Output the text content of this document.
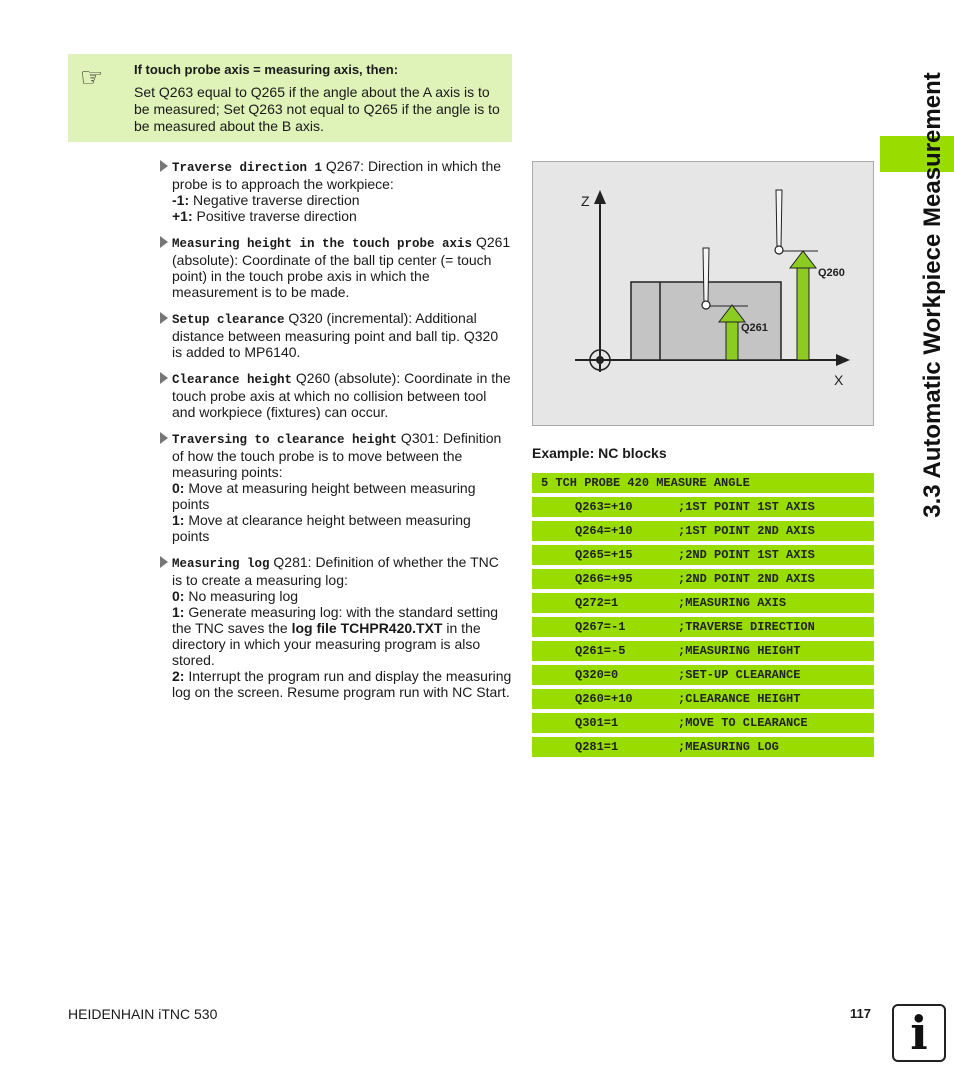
☞ If touch probe axis = measuring axis, then:
Set Q263 equal to Q265 if the angle about the A axis is to be measured; Set Q263 not equal to Q265 if the angle is to be measured about the B axis.
Traverse direction 1 Q267: Direction in which the probe is to approach the workpiece:
-1: Negative traverse direction
+1: Positive traverse direction
Measuring height in the touch probe axis Q261 (absolute): Coordinate of the ball tip center (= touch point) in the touch probe axis in which the measurement is to be made.
Setup clearance Q320 (incremental): Additional distance between measuring point and ball tip. Q320 is added to MP6140.
Clearance height Q260 (absolute): Coordinate in the touch probe axis at which no collision between tool and workpiece (fixtures) can occur.
Traversing to clearance height Q301: Definition of how the touch probe is to move between the measuring points:
0: Move at measuring height between measuring points
1: Move at clearance height between measuring points
Measuring log Q281: Definition of whether the TNC is to create a measuring log:
0: No measuring log
1: Generate measuring log: with the standard setting the TNC saves the log file TCHPR420.TXT in the directory in which your measuring program is also stored.
2: Interrupt the program run and display the measuring log on the screen. Resume program run with NC Start.
Z
X
Q261
Q260
Example: NC blocks
5 TCH PROBE 420 MEASURE ANGLE
Q263=+10	;1ST POINT 1ST AXIS
Q264=+10	;1ST POINT 2ND AXIS
Q265=+15	;2ND POINT 1ST AXIS
Q266=+95	;2ND POINT 2ND AXIS
Q272=1	;MEASURING AXIS
Q267=-1	;TRAVERSE DIRECTION
Q261=-5	;MEASURING HEIGHT
Q320=0	;SET-UP CLEARANCE
Q260=+10	;CLEARANCE HEIGHT
Q301=1	;MOVE TO CLEARANCE
Q281=1	;MEASURING LOG
3.3 Automatic Workpiece Measurement
HEIDENHAIN iTNC 530	117 i
